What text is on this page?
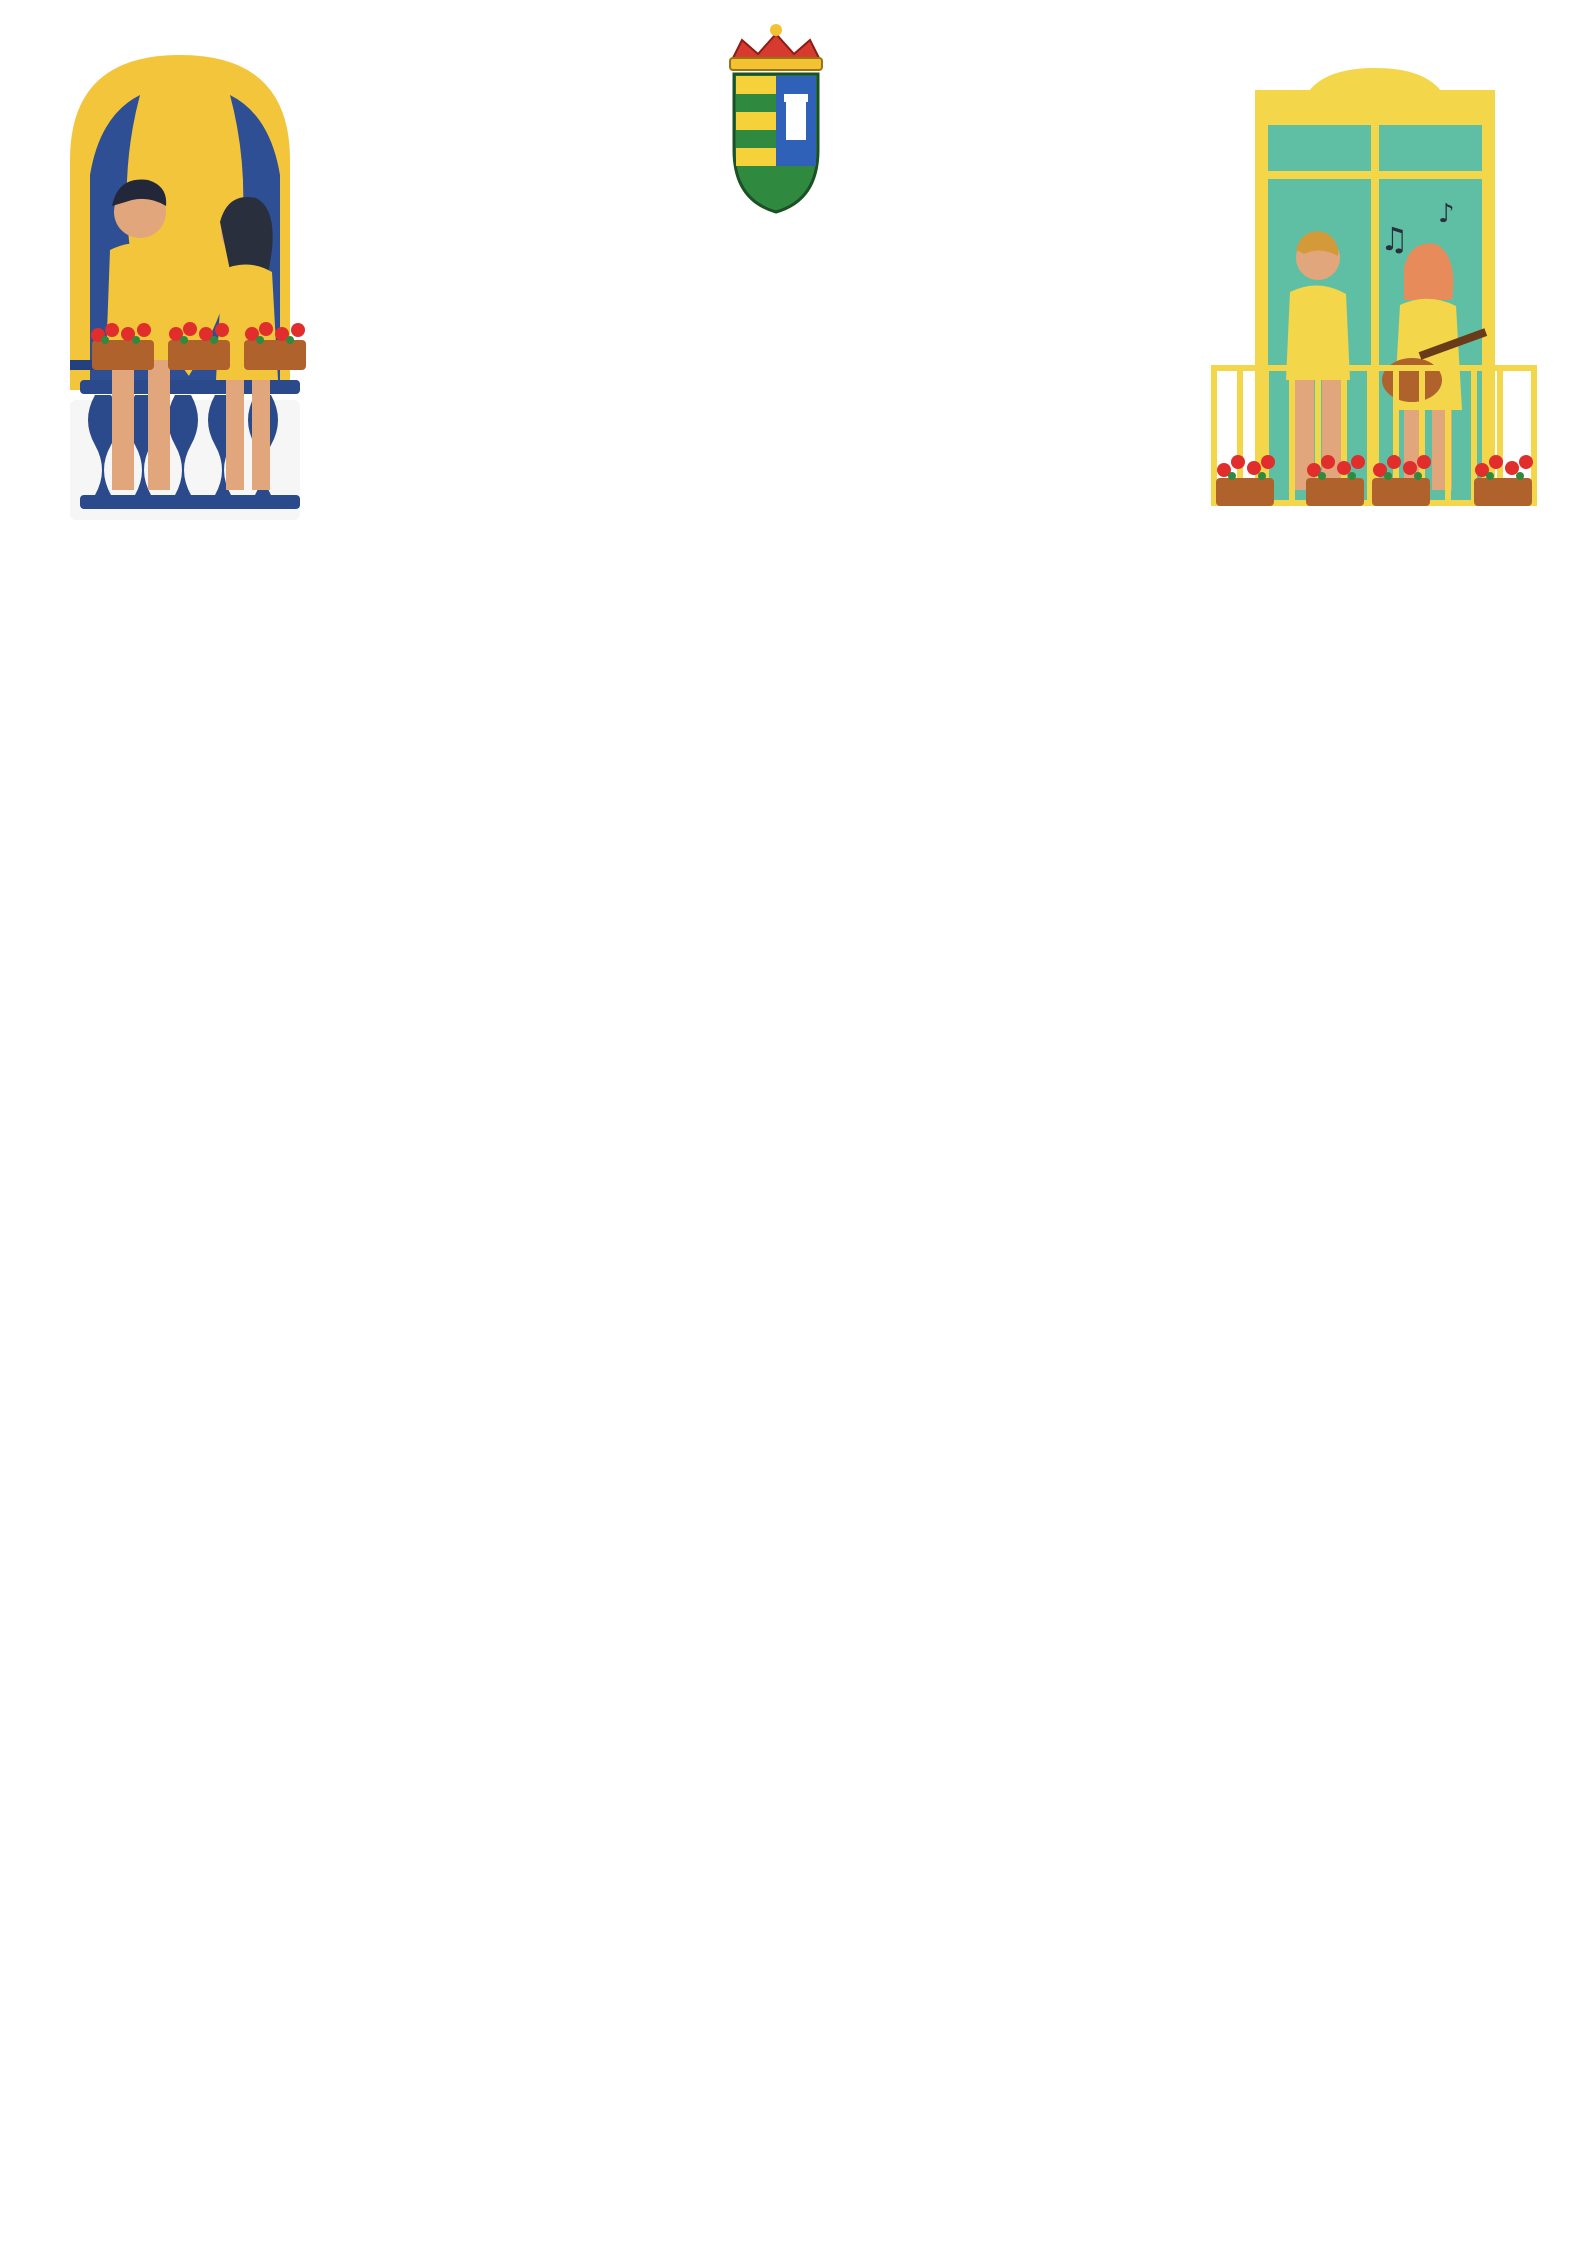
♫
♪
